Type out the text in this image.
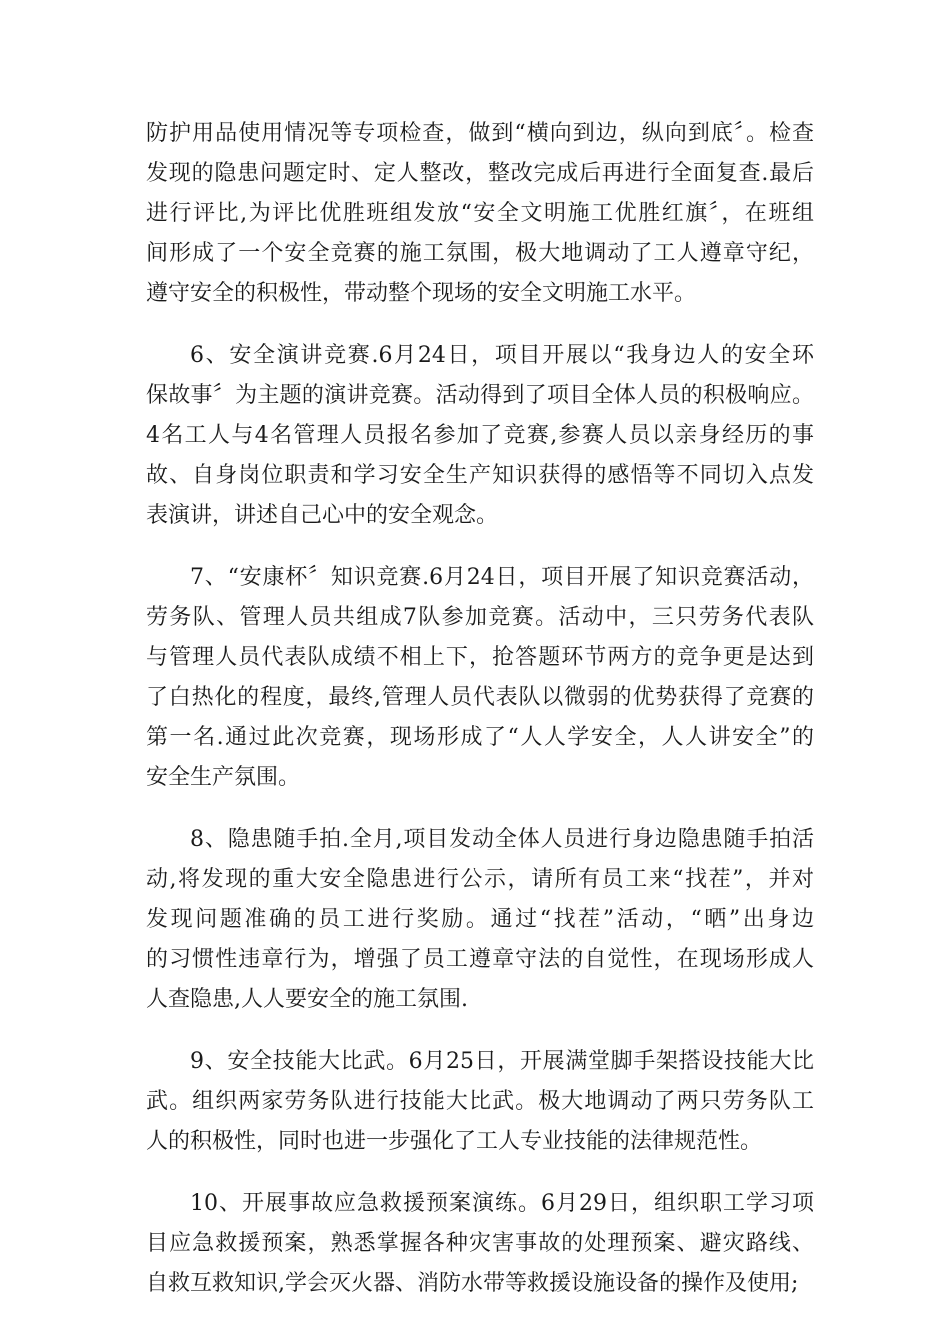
防护用品使用情况等专项检查，做到“横向到边，纵向到底〞。检查
发现的隐患问题定时、定人整改，整改完成后再进行全面复查.最后
进行评比,为评比优胜班组发放“安全文明施工优胜红旗〞，在班组
间形成了一个安全竞赛的施工氛围，极大地调动了工人遵章守纪，
遵守安全的积极性，带动整个现场的安全文明施工水平。
6、安全演讲竞赛.6月24日，项目开展以“我身边人的安全环
保故事〞为主题的演讲竞赛。活动得到了项目全体人员的积极响应。
4名工人与4名管理人员报名参加了竞赛,参赛人员以亲身经历的事
故、自身岗位职责和学习安全生产知识获得的感悟等不同切入点发
表演讲，讲述自己心中的安全观念。
7、“安康杯〞知识竞赛.6月24日，项目开展了知识竞赛活动，
劳务队、管理人员共组成7队参加竞赛。活动中，三只劳务代表队
与管理人员代表队成绩不相上下，抢答题环节两方的竞争更是达到
了白热化的程度，最终,管理人员代表队以微弱的优势获得了竞赛的
第一名.通过此次竞赛，现场形成了“人人学安全，人人讲安全”的
安全生产氛围。
8、隐患随手拍.全月,项目发动全体人员进行身边隐患随手拍活
动,将发现的重大安全隐患进行公示，请所有员工来“找茬”，并对
发现问题准确的员工进行奖励。通过“找茬”活动，“晒”出身边
的习惯性违章行为，增强了员工遵章守法的自觉性，在现场形成人
人查隐患,人人要安全的施工氛围.
9、安全技能大比武。6月25日，开展满堂脚手架搭设技能大比
武。组织两家劳务队进行技能大比武。极大地调动了两只劳务队工
人的积极性，同时也进一步强化了工人专业技能的法律规范性。
10、开展事故应急救援预案演练。6月29日，组织职工学习项
目应急救援预案，熟悉掌握各种灾害事故的处理预案、避灾路线、
自救互救知识,学会灭火器、消防水带等救援设施设备的操作及使用;
